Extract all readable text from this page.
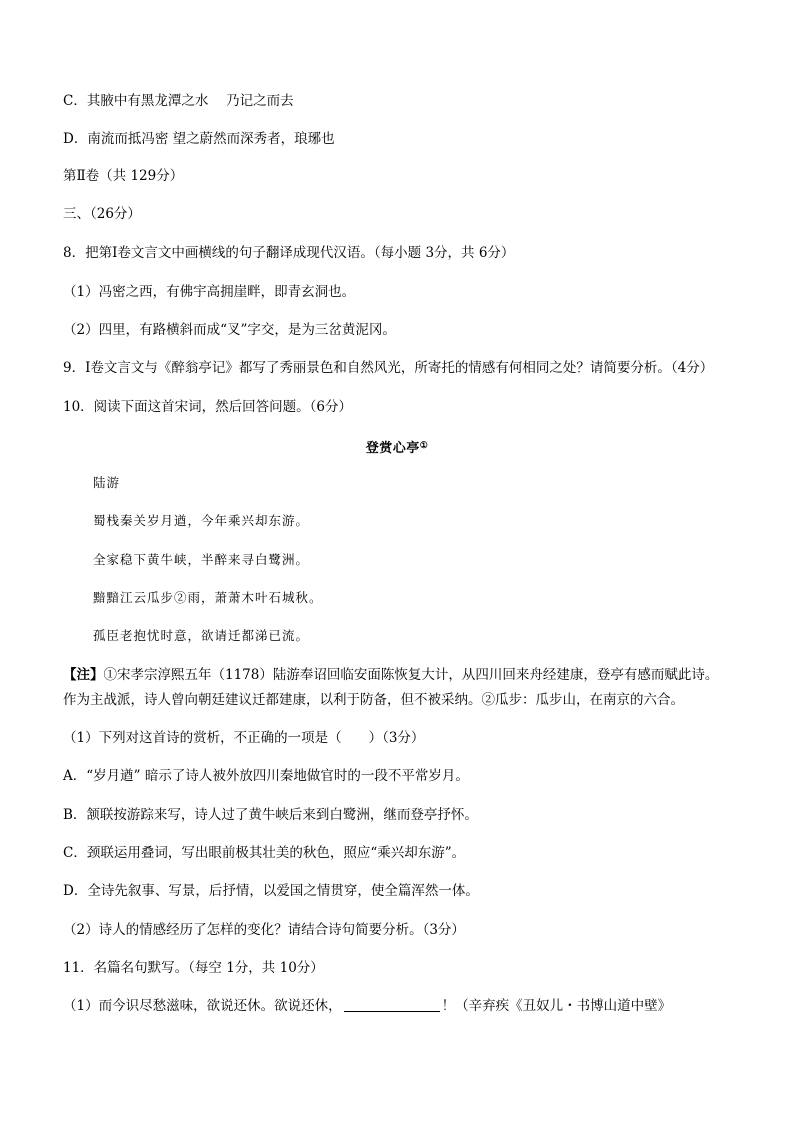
C．其腋中有黑龙潭之水　 乃记之而去
D．南流而抵冯密 望之蔚然而深秀者，琅琊也
第Ⅱ卷（共 129分）
三、（26分）
8．把第Ⅰ卷文言文中画横线的句子翻译成现代汉语。（每小题 3分，共 6分）
（1）冯密之西，有佛宇高拥崖畔，即青玄洞也。
（2）四里，有路横斜而成“叉”字交，是为三岔黄泥冈。
9．Ⅰ卷文言文与《醉翁亭记》都写了秀丽景色和自然风光，所寄托的情感有何相同之处？请简要分析。（4分）
10．阅读下面这首宋词，然后回答问题。（6分）
登赏心亭①
陆游
蜀栈秦关岁月遒，今年乘兴却东游。
全家稳下黄牛峡，半醉来寻白鹭洲。
黯黯江云瓜步②雨，萧萧木叶石城秋。
孤臣老抱忧时意，欲请迁都涕已流。
【注】①宋孝宗淳熙五年（1178）陆游奉诏回临安面陈恢复大计，从四川回来舟经建康，登亭有感而赋此诗。
作为主战派，诗人曾向朝廷建议迁都建康，以利于防备，但不被采纳。②瓜步：瓜步山，在南京的六合。
（1）下列对这首诗的赏析，不正确的一项是（　　）（3分）
A．“岁月遒” 暗示了诗人被外放四川秦地做官时的一段不平常岁月。
B．颔联按游踪来写，诗人过了黄牛峡后来到白鹭洲，继而登亭抒怀。
C．颈联运用叠词，写出眼前极其壮美的秋色，照应“乘兴却东游”。
D．全诗先叙事、写景，后抒情，以爱国之情贯穿，使全篇浑然一体。
（2）诗人的情感经历了怎样的变化？请结合诗句简要分析。（3分）
11．名篇名句默写。（每空 1分，共 10分）
（1）而今识尽愁滋味，欲说还休。欲说还休，	！（辛弃疾《丑奴儿・书博山道中壁》
